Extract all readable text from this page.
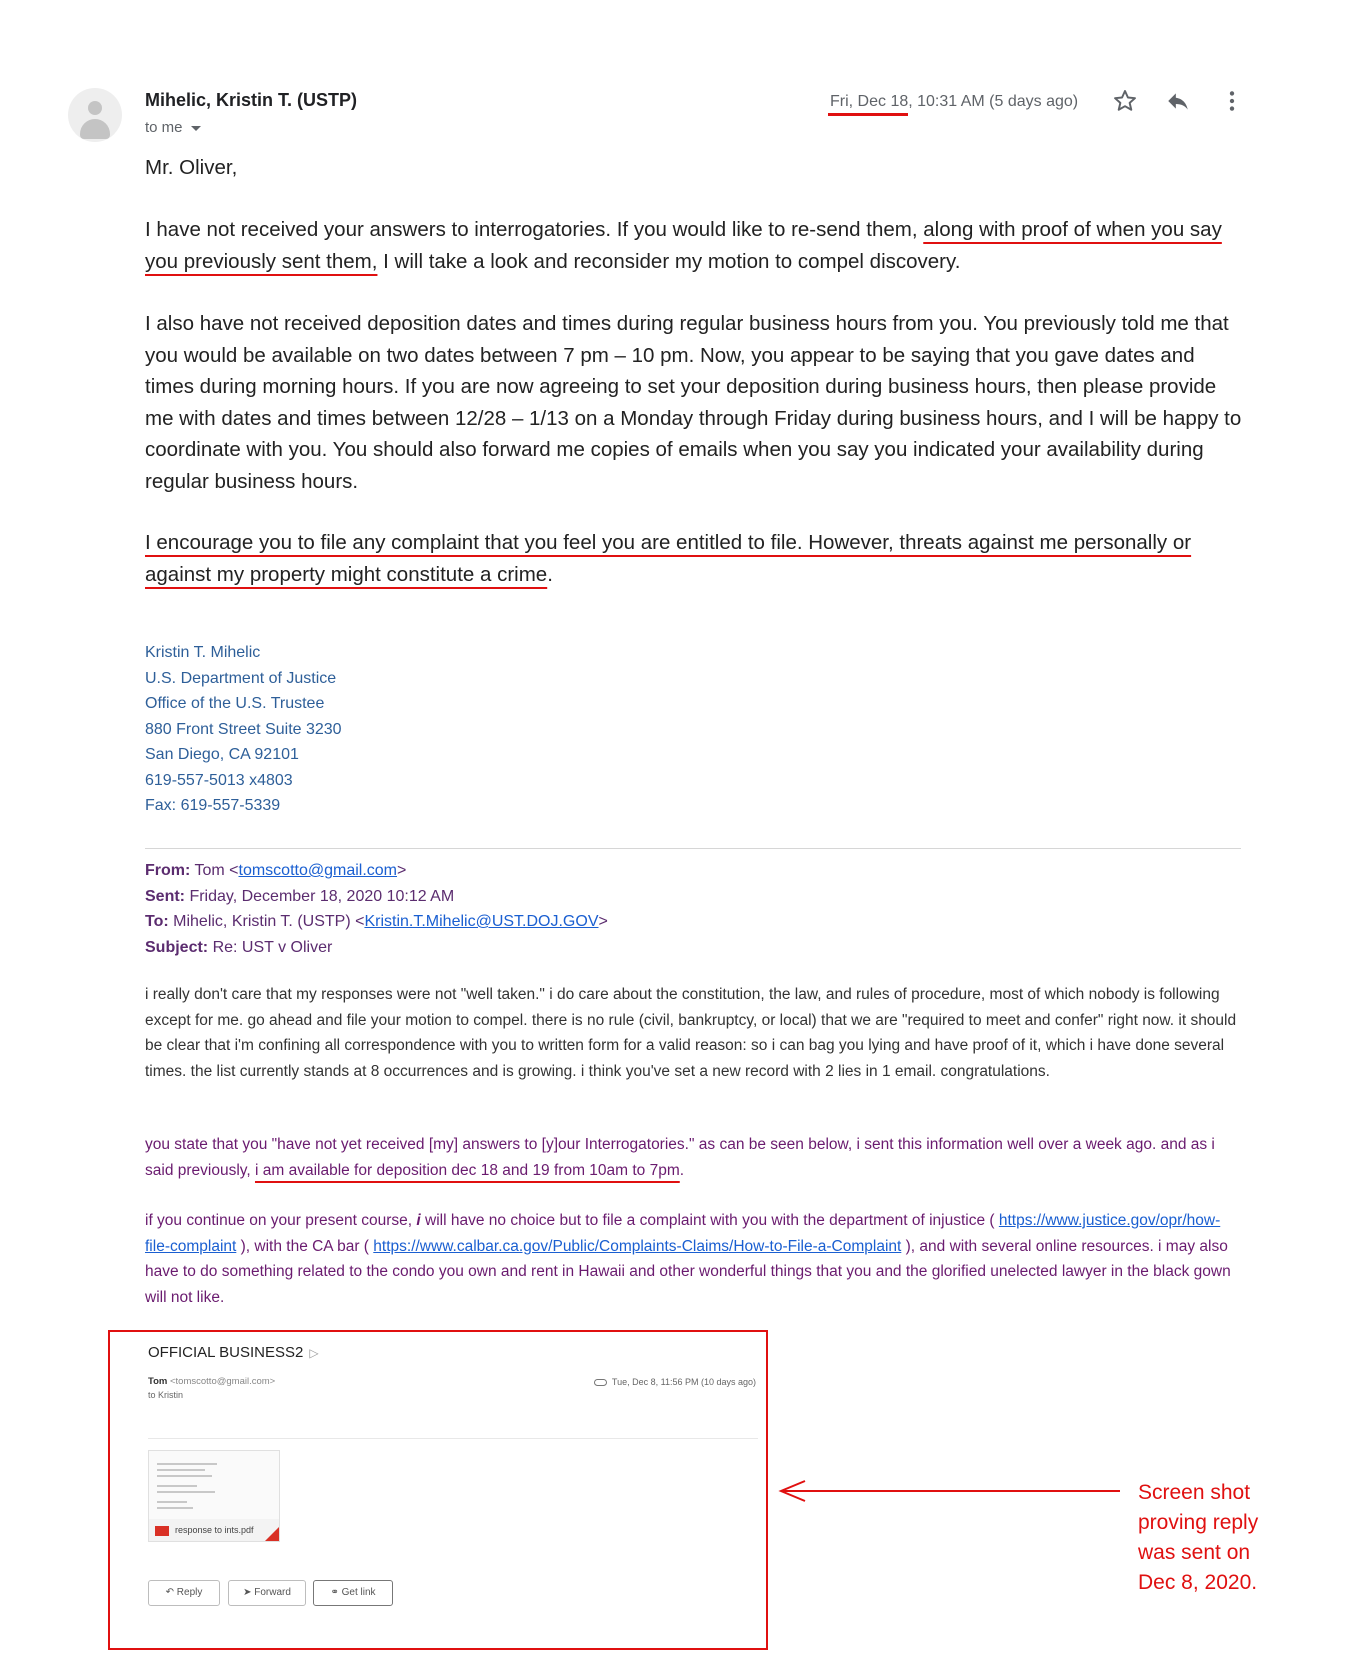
Mihelic, Kristin T. (USTP)
to me
Fri, Dec 18, 10:31 AM (5 days ago)
Mr. Oliver,
I have not received your answers to interrogatories. If you would like to re-send them, along with proof of when you say you previously sent them, I will take a look and reconsider my motion to compel discovery.
I also have not received deposition dates and times during regular business hours from you. You previously told me that you would be available on two dates between 7 pm – 10 pm. Now, you appear to be saying that you gave dates and times during morning hours. If you are now agreeing to set your deposition during business hours, then please provide me with dates and times between 12/28 – 1/13 on a Monday through Friday during business hours, and I will be happy to coordinate with you. You should also forward me copies of emails when you say you indicated your availability during regular business hours.
I encourage you to file any complaint that you feel you are entitled to file. However, threats against me personally or against my property might constitute a crime.
Kristin T. Mihelic
U.S. Department of Justice
Office of the U.S. Trustee
880 Front Street Suite 3230
San Diego, CA 92101
619-557-5013 x4803
Fax: 619-557-5339
From: Tom <tomscotto@gmail.com>
Sent: Friday, December 18, 2020 10:12 AM
To: Mihelic, Kristin T. (USTP) <Kristin.T.Mihelic@UST.DOJ.GOV>
Subject: Re: UST v Oliver
i really don't care that my responses were not "well taken." i do care about the constitution, the law, and rules of procedure, most of which nobody is following except for me. go ahead and file your motion to compel. there is no rule (civil, bankruptcy, or local) that we are "required to meet and confer" right now. it should be clear that i'm confining all correspondence with you to written form for a valid reason: so i can bag you lying and have proof of it, which i have done several times. the list currently stands at 8 occurrences and is growing. i think you've set a new record with 2 lies in 1 email. congratulations.
you state that you "have not yet received [my] answers to [y]our Interrogatories." as can be seen below, i sent this information well over a week ago. and as i said previously, i am available for deposition dec 18 and 19 from 10am to 7pm.
if you continue on your present course, i will have no choice but to file a complaint with you with the department of injustice ( https://www.justice.gov/opr/how-file-complaint ), with the CA bar ( https://www.calbar.ca.gov/Public/Complaints-Claims/How-to-File-a-Complaint ), and with several online resources. i may also have to do something related to the condo you own and rent in Hawaii and other wonderful things that you and the glorified unelected lawyer in the black gown will not like.
OFFICIAL BUSINESS2 ▷
Tom <tomscotto@gmail.com>
to Kristin
Tue, Dec 8, 11:56 PM (10 days ago)
response to ints.pdf
↶ Reply	➤ Forward	⚭ Get link
Screen shot
proving reply
was sent on
Dec 8, 2020.
